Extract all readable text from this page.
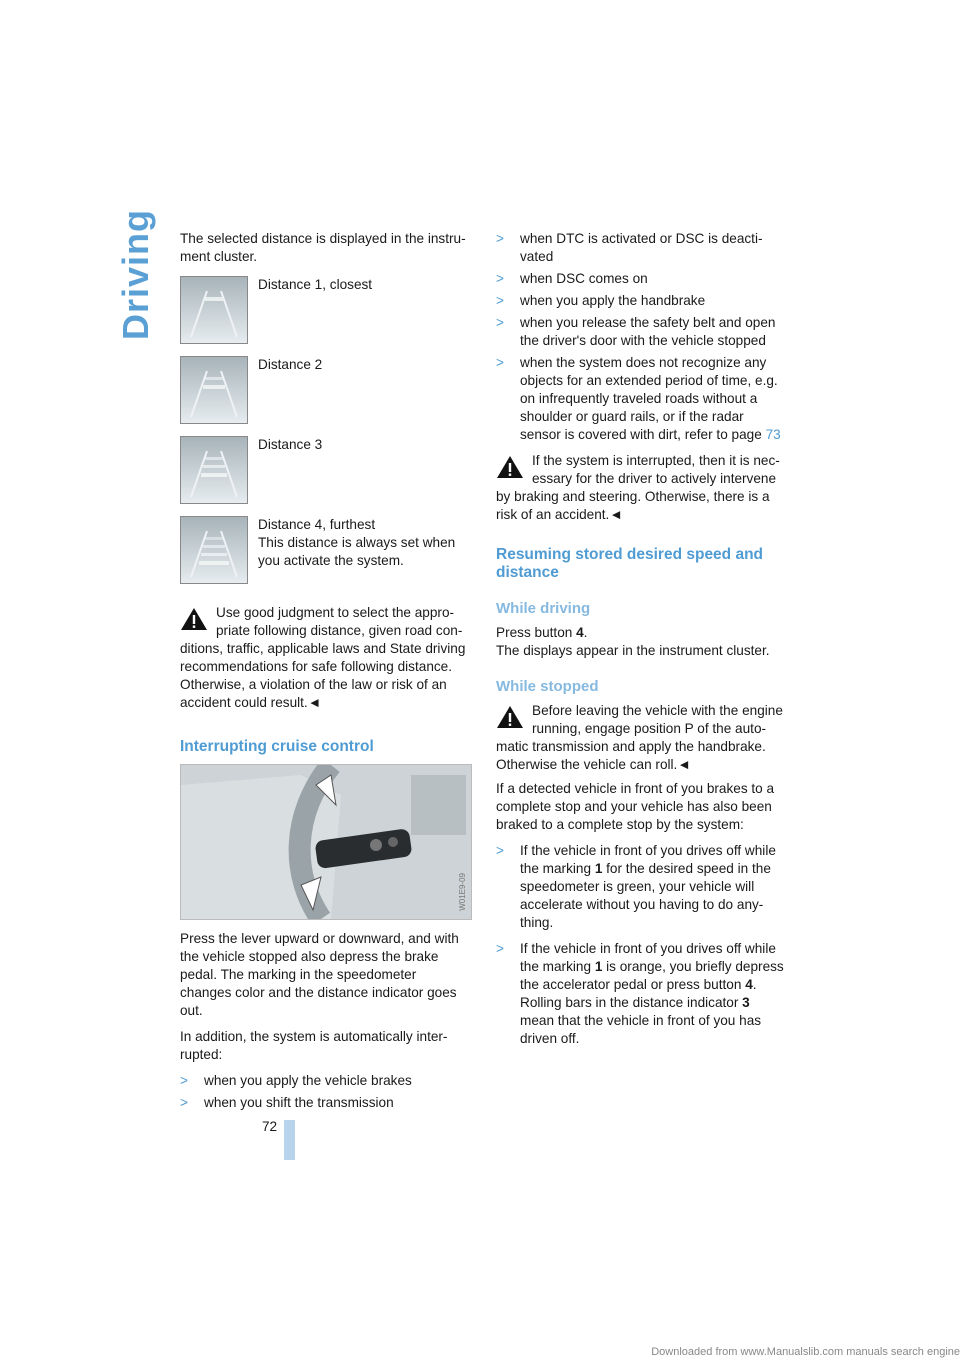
Driving
72

The selected distance is displayed in the instru-ment cluster.

Distance 1, closest
Distance 2
Distance 3
Distance 4, furthest
This distance is always set when you activate the system.

Use good judgment to select the appro-priate following distance, given road con-ditions, traffic, applicable laws and State driving recommendations for safe following distance. Otherwise, a violation of the law or risk of an accident could result.◄

Interrupting cruise control
W01E9-09

Press the lever upward or downward, and with the vehicle stopped also depress the brake pedal. The marking in the speedometer changes color and the distance indicator goes out.

In addition, the system is automatically inter-rupted:

> when you apply the vehicle brakes
> when you shift the transmission
> when DTC is activated or DSC is deacti-vated
> when DSC comes on
> when you apply the handbrake
> when you release the safety belt and open the driver's door with the vehicle stopped
> when the system does not recognize any objects for an extended period of time, e.g. on infrequently traveled roads without a shoulder or guard rails, or if the radar sensor is covered with dirt, refer to page 73

If the system is interrupted, then it is nec-essary for the driver to actively intervene by braking and steering. Otherwise, there is a risk of an accident.◄

Resuming stored desired speed and distance
While driving

Press button 4.

The displays appear in the instrument cluster.

While stopped

Before leaving the vehicle with the engine running, engage position P of the auto-matic transmission and apply the handbrake. Otherwise the vehicle can roll.◄

If a detected vehicle in front of you brakes to a complete stop and your vehicle has also been braked to a complete stop by the system:

> If the vehicle in front of you drives off while the marking 1 for the desired speed in the speedometer is green, your vehicle will accelerate without you having to do any-thing.
> If the vehicle in front of you drives off while the marking 1 is orange, you briefly depress the accelerator pedal or press button 4. Rolling bars in the distance indicator 3 mean that the vehicle in front of you has driven off.
Downloaded from www.Manualslib.com manuals search engine
